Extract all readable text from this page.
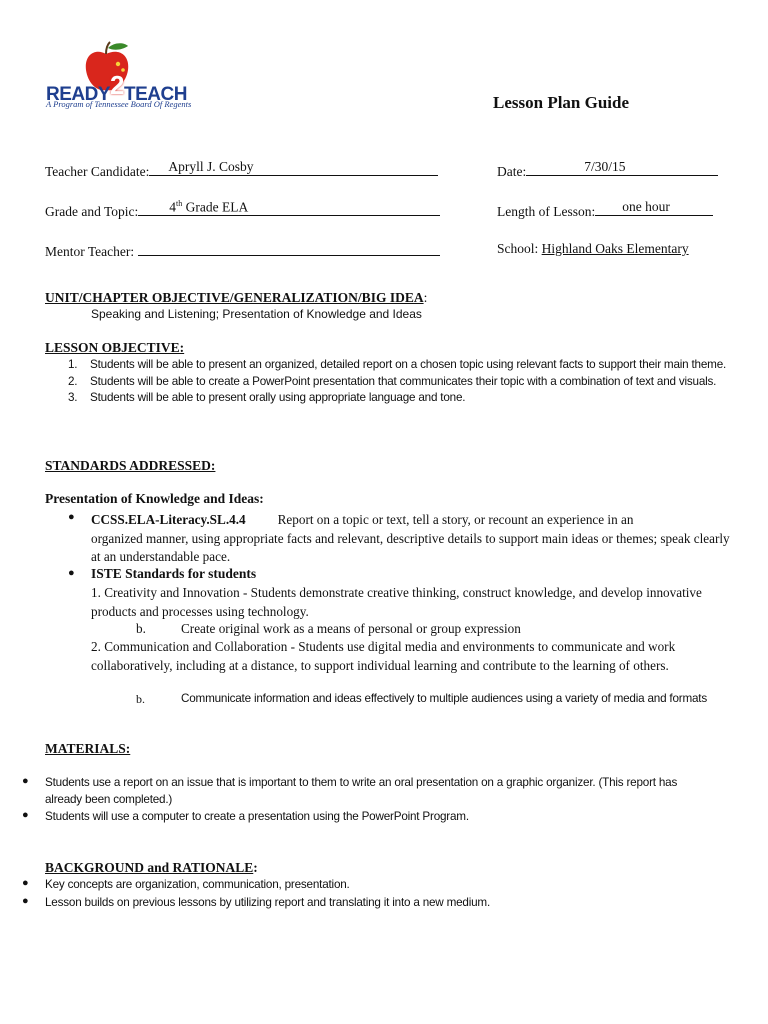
READY2TEACH
A Program of Tennessee Board Of Regents	Lesson Plan Guide
Teacher Candidate: Apryll J. Cosby	Date:	7/30/15
Grade and Topic: 4th Grade ELA	Length of Lesson: one hour
Mentor Teacher:	School: Highland Oaks Elementary
UNIT/CHAPTER OBJECTIVE/GENERALIZATION/BIG IDEA:
Speaking and Listening; Presentation of Knowledge and Ideas
LESSON OBJECTIVE:
1. Students will be able to present an organized, detailed report on a chosen topic using relevant facts to support their main theme.
2. Students will be able to create a PowerPoint presentation that communicates their topic with a combination of text and visuals.
3. Students will be able to present orally using appropriate language and tone.
STANDARDS ADDRESSED:
Presentation of Knowledge and Ideas:
● CCSS.ELA-Literacy.SL.4.4 Report on a topic or text, tell a story, or recount an experience in an
organized manner, using appropriate facts and relevant, descriptive details to support main ideas or themes; speak clearly at an understandable pace.
● ISTE Standards for students
1. Creativity and Innovation - Students demonstrate creative thinking, construct knowledge, and develop innovative products and processes using technology.
b.	Create original work as a means of personal or group expression
2. Communication and Collaboration - Students use digital media and environments to communicate and work collaboratively, including at a distance, to support individual learning and contribute to the learning of others.
b.	Communicate information and ideas effectively to multiple audiences using a variety of media and formats
MATERIALS:
● Students use a report on an issue that is important to them to write an oral presentation on a graphic organizer. (This report has already been completed.)
● Students will use a computer to create a presentation using the PowerPoint Program.
BACKGROUND and RATIONALE:
● Key concepts are organization, communication, presentation.
● Lesson builds on previous lessons by utilizing report and translating it into a new medium.
